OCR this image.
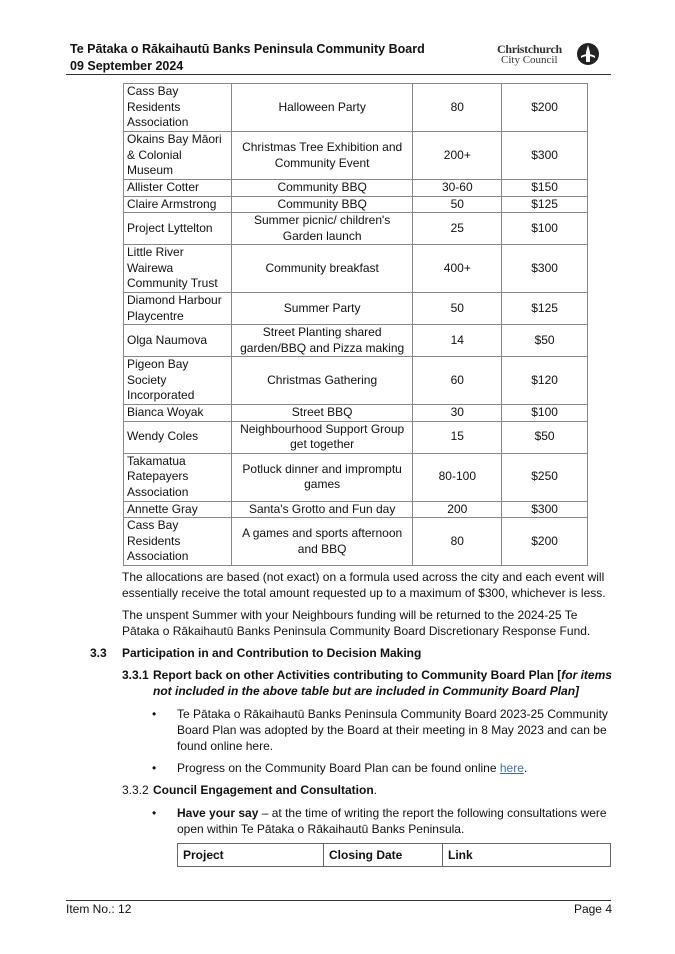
Te Pātaka o Rākaihautū Banks Peninsula Community Board
09 September 2024
Christchurch
City Council
Cass Bay Residents Association	Halloween Party	80	$200
Okains Bay Māori & Colonial Museum	Christmas Tree Exhibition and Community Event	200+	$300
Allister Cotter	Community BBQ	30-60	$150
Claire Armstrong	Community BBQ	50	$125
Project Lyttelton	Summer picnic/ children's Garden launch	25	$100
Little River Wairewa Community Trust	Community breakfast	400+	$300
Diamond Harbour Playcentre	Summer Party	50	$125
Olga Naumova	Street Planting shared garden/BBQ and Pizza making	14	$50
Pigeon Bay Society Incorporated	Christmas Gathering	60	$120
Bianca Woyak	Street BBQ	30	$100
Wendy Coles	Neighbourhood Support Group get together	15	$50
Takamatua Ratepayers Association	Potluck dinner and impromptu games	80-100	$250
Annette Gray	Santa's Grotto and Fun day	200	$300
Cass Bay Residents Association	A games and sports afternoon and BBQ	80	$200
The allocations are based (not exact) on a formula used across the city and each event will essentially receive the total amount requested up to a maximum of $300, whichever is less.
The unspent Summer with your Neighbours funding will be returned to the 2024-25 Te Pātaka o Rākaihautū Banks Peninsula Community Board Discretionary Response Fund.
3.3 Participation in and Contribution to Decision Making
3.3.1 Report back on other Activities contributing to Community Board Plan [for items not included in the above table but are included in Community Board Plan]
• Te Pātaka o Rākaihautū Banks Peninsula Community Board 2023-25 Community Board Plan was adopted by the Board at their meeting in 8 May 2023 and can be found online here.
• Progress on the Community Board Plan can be found online here.
3.3.2 Council Engagement and Consultation.
• Have your say – at the time of writing the report the following consultations were open within Te Pātaka o Rākaihautū Banks Peninsula.
Project	Closing Date	Link
Item No.: 12	Page 4
